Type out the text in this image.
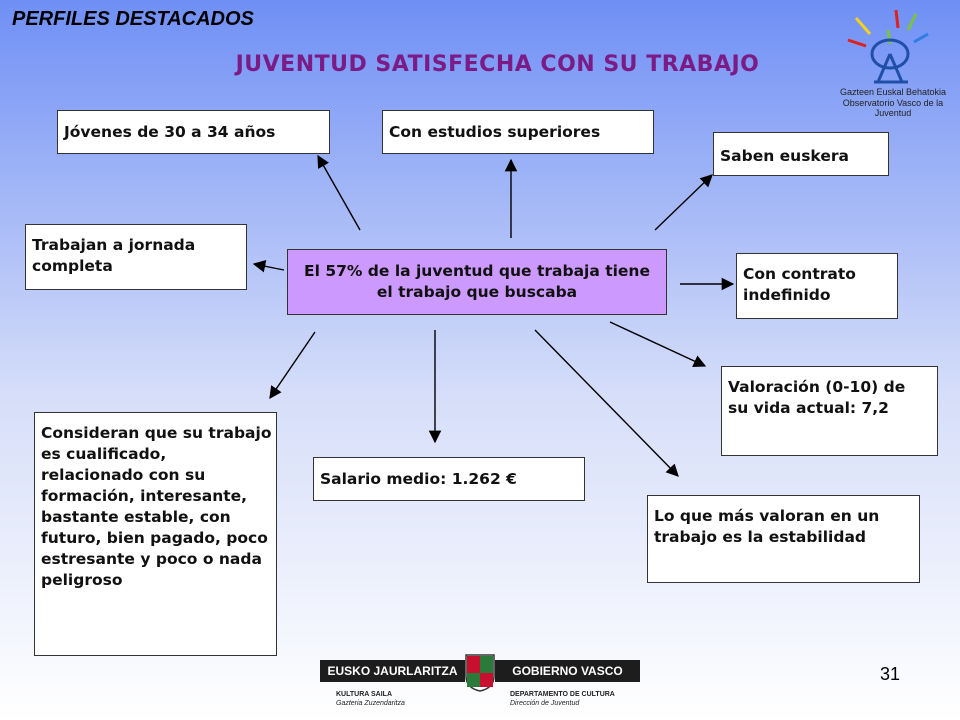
PERFILES DESTACADOS
JUVENTUD SATISFECHA CON SU TRABAJO
Gazteen Euskal Behatokia
Observatorio Vasco de la Juventud
Jóvenes de 30 a 34 años	Con estudios superiores
Saben euskera
Trabajan a jornada completa	El 57% de la juventud que trabaja tiene el trabajo que buscaba
Con contrato indefinido
Valoración (0-10) de su vida actual: 7,2
Consideran que su trabajo es cualificado, relacionado con su formación, interesante, bastante estable, con futuro, bien pagado, poco estresante y poco o nada peligroso
Salario medio: 1.262 €
Lo que más valoran en un trabajo es la estabilidad
EUSKO JAURLARITZA	GOBIERNO VASCO
KULTURA SAILA
Gazteria Zuzendaritza
DEPARTAMENTO DE CULTURA
Dirección de Juventud
31
